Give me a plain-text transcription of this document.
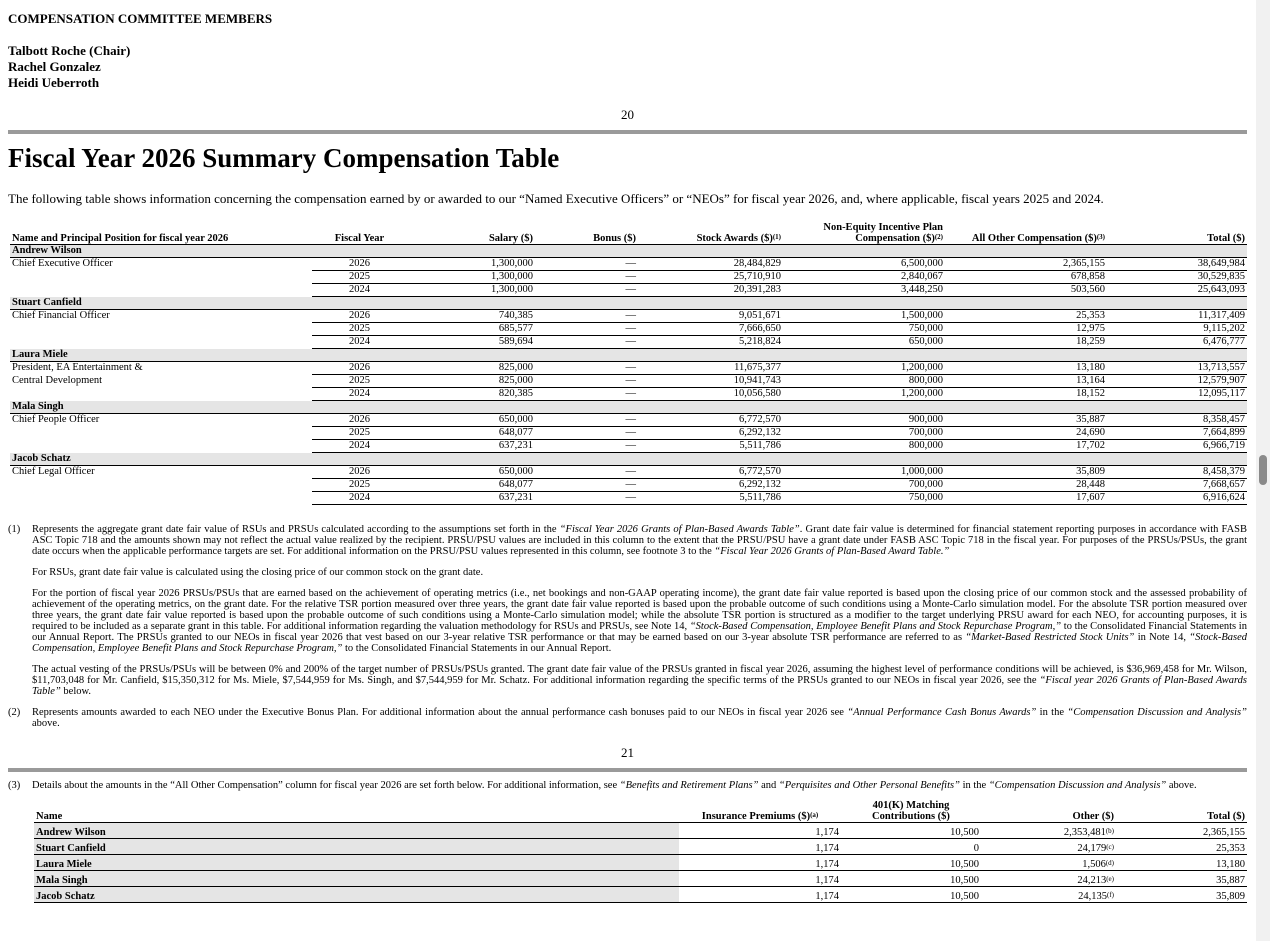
COMPENSATION COMMITTEE MEMBERS
Talbott Roche (Chair)
Rachel Gonzalez
Heidi Ueberroth
20
Fiscal Year 2026 Summary Compensation Table
The following table shows information concerning the compensation earned by or awarded to our “Named Executive Officers” or “NEOs” for fiscal year 2026, and, where applicable, fiscal years 2025 and 2024.
Name and Principal Position for fiscal year 2026	Fiscal Year	Salary ($)	Bonus ($)	Stock Awards ($)$^{(1)}$	Non-Equity Incentive Plan Compensation ($)$^{(2)}$	All Other Compensation ($)$^{(3)}$	Total ($)
Andrew Wilson							
Chief Executive Officer	2026	1,300,000	—	28,484,829	6,500,000	2,365,155	38,649,984
	2025	1,300,000	—	25,710,910	2,840,067	678,858	30,529,835
	2024	1,300,000	—	20,391,283	3,448,250	503,560	25,643,093
Stuart Canfield							
Chief Financial Officer	2026	740,385	—	9,051,671	1,500,000	25,353	11,317,409
	2025	685,577	—	7,666,650	750,000	12,975	9,115,202
	2024	589,694	—	5,218,824	650,000	18,259	6,476,777
Laura Miele							
President, EA Entertainment &	2026	825,000	—	11,675,377	1,200,000	13,180	13,713,557
Central Development	2025	825,000	—	10,941,743	800,000	13,164	12,579,907
	2024	820,385	—	10,056,580	1,200,000	18,152	12,095,117
Mala Singh							
Chief People Officer	2026	650,000	—	6,772,570	900,000	35,887	8,358,457
	2025	648,077	—	6,292,132	700,000	24,690	7,664,899
	2024	637,231	—	5,511,786	800,000	17,702	6,966,719
Jacob Schatz							
Chief Legal Officer	2026	650,000	—	6,772,570	1,000,000	35,809	8,458,379
	2025	648,077	—	6,292,132	700,000	28,448	7,668,657
	2024	637,231	—	5,511,786	750,000	17,607	6,916,624
(1) Represents the aggregate grant date fair value of RSUs and PRSUs calculated according to the assumptions set forth in the “Fiscal Year 2026 Grants of Plan-Based Awards Table”. Grant date fair value is determined for financial statement reporting purposes in accordance with FASB ASC Topic 718 and the amounts shown may not reflect the actual value realized by the recipient. PRSU/PSU values are included in this column to the extent that the PRSU/PSU have a grant date under FASB ASC Topic 718 in the fiscal year. For purposes of the PRSUs/PSUs, the grant date occurs when the applicable performance targets are set. For additional information on the PRSU/PSU values represented in this column, see footnote 3 to the “Fiscal Year 2026 Grants of Plan-Based Award Table.”
For RSUs, grant date fair value is calculated using the closing price of our common stock on the grant date.
For the portion of fiscal year 2026 PRSUs/PSUs that are earned based on the achievement of operating metrics (i.e., net bookings and non-GAAP operating income), the grant date fair value reported is based upon the closing price of our common stock and the assessed probability of achievement of the operating metrics, on the grant date. For the relative TSR portion measured over three years, the grant date fair value reported is based upon the probable outcome of such conditions using a Monte-Carlo simulation model. For the absolute TSR portion measured over three years, the grant date fair value reported is based upon the probable outcome of such conditions using a Monte-Carlo simulation model; while the absolute TSR portion is structured as a modifier to the target underlying PRSU award for each NEO, for accounting purposes, it is required to be included as a separate grant in this table. For additional information regarding the valuation methodology for RSUs and PRSUs, see Note 14, “Stock-Based Compensation, Employee Benefit Plans and Stock Repurchase Program,” to the Consolidated Financial Statements in our Annual Report. The PRSUs granted to our NEOs in fiscal year 2026 that vest based on our 3-year relative TSR performance or that may be earned based on our 3-year absolute TSR performance are referred to as “Market-Based Restricted Stock Units” in Note 14, “Stock-Based Compensation, Employee Benefit Plans and Stock Repurchase Program,” to the Consolidated Financial Statements in our Annual Report.
The actual vesting of the PRSUs/PSUs will be between 0% and 200% of the target number of PRSUs/PSUs granted. The grant date fair value of the PRSUs granted in fiscal year 2026, assuming the highest level of performance conditions will be achieved, is $36,969,458 for Mr. Wilson, $11,703,048 for Mr. Canfield, $15,350,312 for Ms. Miele, $7,544,959 for Ms. Singh, and $7,544,959 for Mr. Schatz. For additional information regarding the specific terms of the PRSUs granted to our NEOs in fiscal year 2026, see the “Fiscal year 2026 Grants of Plan-Based Awards Table” below.
(2) Represents amounts awarded to each NEO under the Executive Bonus Plan. For additional information about the annual performance cash bonuses paid to our NEOs in fiscal year 2026 see “Annual Performance Cash Bonus Awards” in the “Compensation Discussion and Analysis” above.
21
(3) Details about the amounts in the “All Other Compensation” column for fiscal year 2026 are set forth below. For additional information, see “Benefits and Retirement Plans” and “Perquisites and Other Personal Benefits” in the “Compensation Discussion and Analysis” above.
Name	Insurance Premiums ($)$^{(a)}$	401(K) Matching Contributions ($)	Other ($)	Total ($)
Andrew Wilson	1,174	10,500	2,353,481$^{(b)}$	2,365,155
Stuart Canfield	1,174	0	24,179$^{(c)}$	25,353
Laura Miele	1,174	10,500	1,506$^{(d)}$	13,180
Mala Singh	1,174	10,500	24,213$^{(e)}$	35,887
Jacob Schatz	1,174	10,500	24,135$^{(f)}$	35,809
